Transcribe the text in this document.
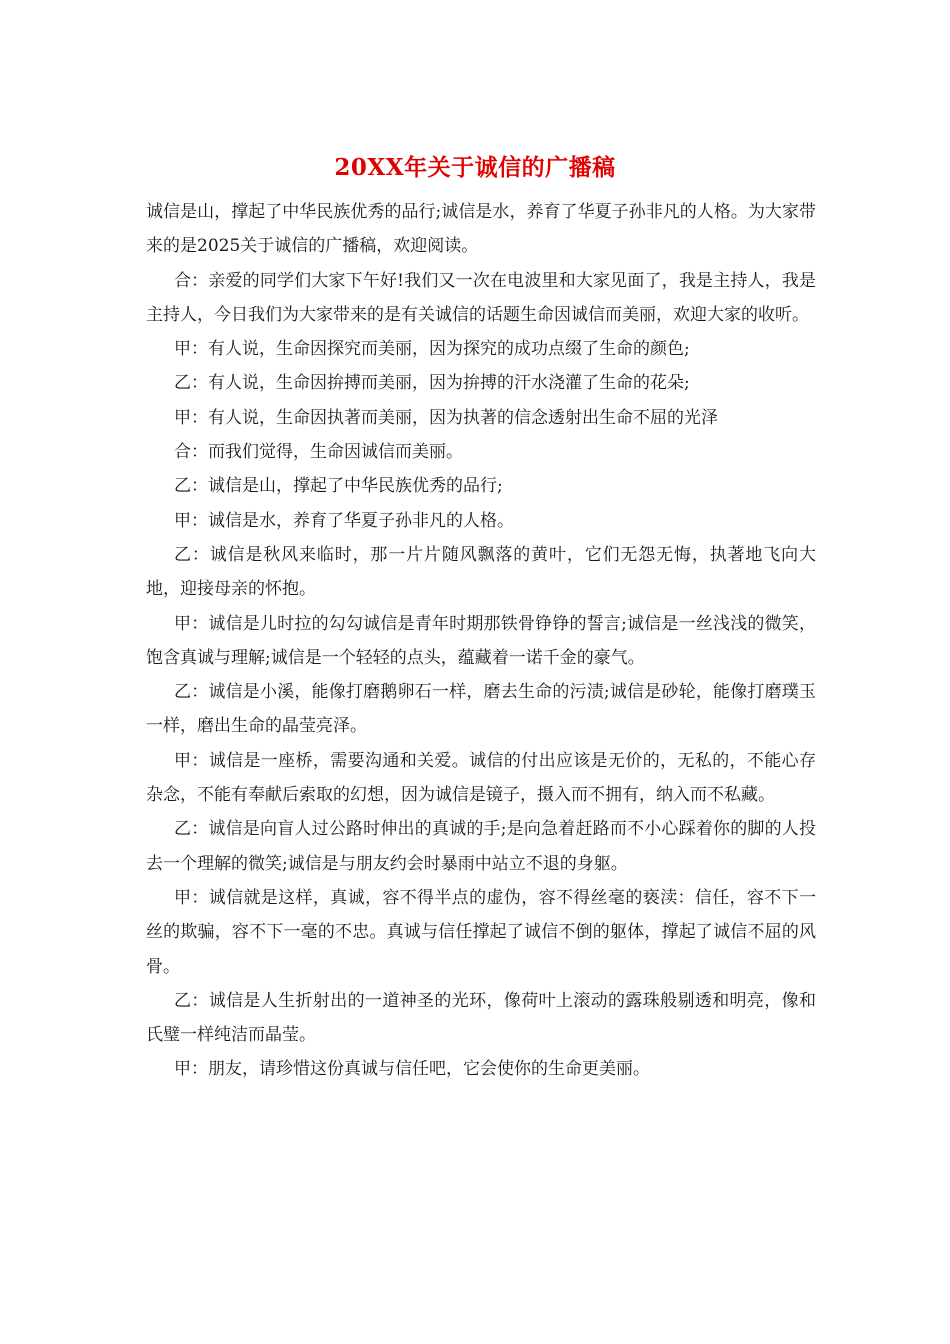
20XX年关于诚信的广播稿

诚信是山，撑起了中华民族优秀的品行;诚信是水，养育了华夏子孙非凡的人格。为大家带来的是2025关于诚信的广播稿，欢迎阅读。

合：亲爱的同学们大家下午好!我们又一次在电波里和大家见面了，我是主持人，我是主持人，今日我们为大家带来的是有关诚信的话题生命因诚信而美丽，欢迎大家的收听。

甲：有人说，生命因探究而美丽，因为探究的成功点缀了生命的颜色;

乙：有人说，生命因拚搏而美丽，因为拚搏的汗水浇灌了生命的花朵;

甲：有人说，生命因执著而美丽，因为执著的信念透射出生命不屈的光泽

合：而我们觉得，生命因诚信而美丽。

乙：诚信是山，撑起了中华民族优秀的品行;

甲：诚信是水，养育了华夏子孙非凡的人格。

乙：诚信是秋风来临时，那一片片随风飘落的黄叶，它们无怨无悔，执著地飞向大地，迎接母亲的怀抱。

甲：诚信是儿时拉的勾勾诚信是青年时期那铁骨铮铮的誓言;诚信是一丝浅浅的微笑，饱含真诚与理解;诚信是一个轻轻的点头，蕴藏着一诺千金的豪气。

乙：诚信是小溪，能像打磨鹅卵石一样，磨去生命的污渍;诚信是砂轮，能像打磨璞玉一样，磨出生命的晶莹亮泽。

甲：诚信是一座桥，需要沟通和关爱。诚信的付出应该是无价的，无私的，不能心存杂念，不能有奉献后索取的幻想，因为诚信是镜子，摄入而不拥有，纳入而不私藏。

乙：诚信是向盲人过公路时伸出的真诚的手;是向急着赶路而不小心踩着你的脚的人投去一个理解的微笑;诚信是与朋友约会时暴雨中站立不退的身躯。

甲：诚信就是这样，真诚，容不得半点的虚伪，容不得丝毫的亵渎：信任，容不下一丝的欺骗，容不下一毫的不忠。真诚与信任撑起了诚信不倒的躯体，撑起了诚信不屈的风骨。

乙：诚信是人生折射出的一道神圣的光环，像荷叶上滚动的露珠般剔透和明亮，像和氏璧一样纯洁而晶莹。

甲：朋友，请珍惜这份真诚与信任吧，它会使你的生命更美丽。
